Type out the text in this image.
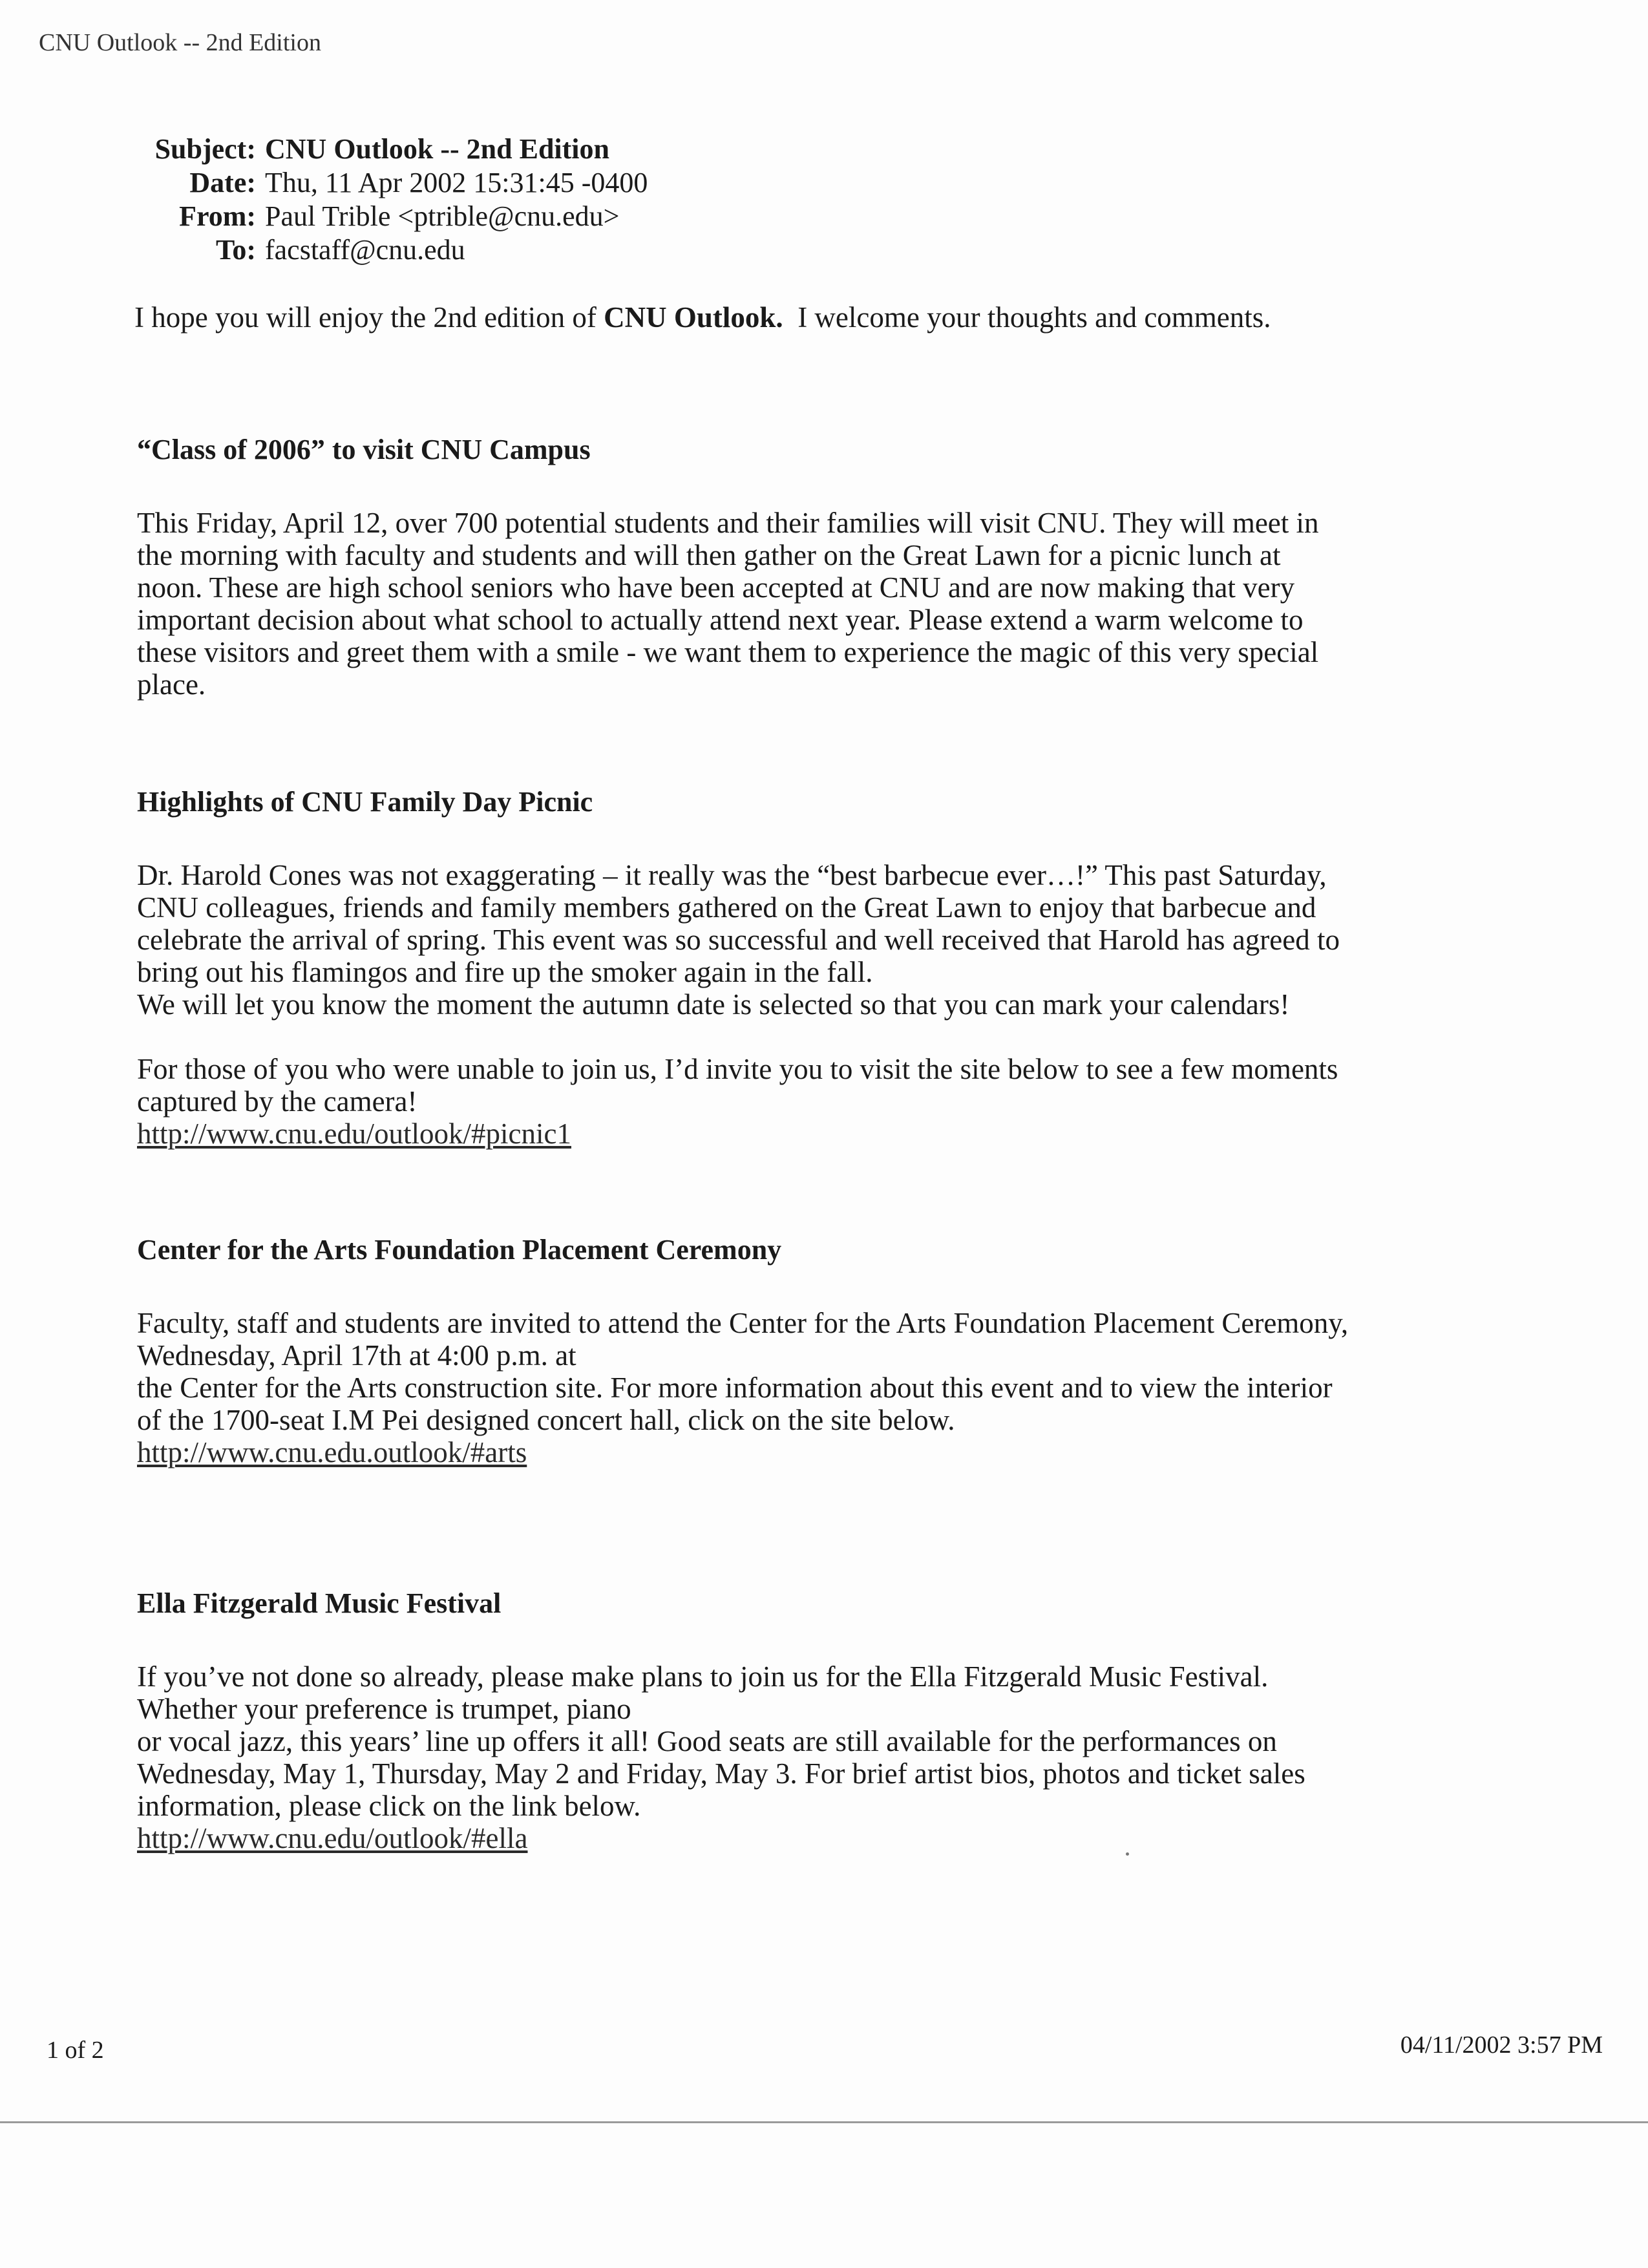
CNU Outlook -- 2nd Edition
Subject: CNU Outlook -- 2nd Edition
Date: Thu, 11 Apr 2002 15:31:45 -0400
From: Paul Trible <ptrible@cnu.edu>
To: facstaff@cnu.edu
I hope you will enjoy the 2nd edition of CNU Outlook.  I welcome your thoughts and comments.
“Class of 2006” to visit CNU Campus
This Friday, April 12, over 700 potential students and their families will visit CNU. They will meet in
the morning with faculty and students and will then gather on the Great Lawn for a picnic lunch at
noon. These are high school seniors who have been accepted at CNU and are now making that very
important decision about what school to actually attend next year. Please extend a warm welcome to
these visitors and greet them with a smile - we want them to experience the magic of this very special
place.
Highlights of CNU Family Day Picnic
Dr. Harold Cones was not exaggerating – it really was the “best barbecue ever…!” This past Saturday,
CNU colleagues, friends and family members gathered on the Great Lawn to enjoy that barbecue and
celebrate the arrival of spring. This event was so successful and well received that Harold has agreed to
bring out his flamingos and fire up the smoker again in the fall.
We will let you know the moment the autumn date is selected so that you can mark your calendars!
For those of you who were unable to join us, I’d invite you to visit the site below to see a few moments
captured by the camera!
http://www.cnu.edu/outlook/#picnic1
Center for the Arts Foundation Placement Ceremony
Faculty, staff and students are invited to attend the Center for the Arts Foundation Placement Ceremony,
Wednesday, April 17th at 4:00 p.m. at
the Center for the Arts construction site. For more information about this event and to view the interior
of the 1700-seat I.M Pei designed concert hall, click on the site below.
http://www.cnu.edu.outlook/#arts
Ella Fitzgerald Music Festival
If you’ve not done so already, please make plans to join us for the Ella Fitzgerald Music Festival.
Whether your preference is trumpet, piano
or vocal jazz, this years’ line up offers it all! Good seats are still available for the performances on
Wednesday, May 1, Thursday, May 2 and Friday, May 3. For brief artist bios, photos and ticket sales
information, please click on the link below.
http://www.cnu.edu/outlook/#ella
1 of 2	04/11/2002 3:57 PM
